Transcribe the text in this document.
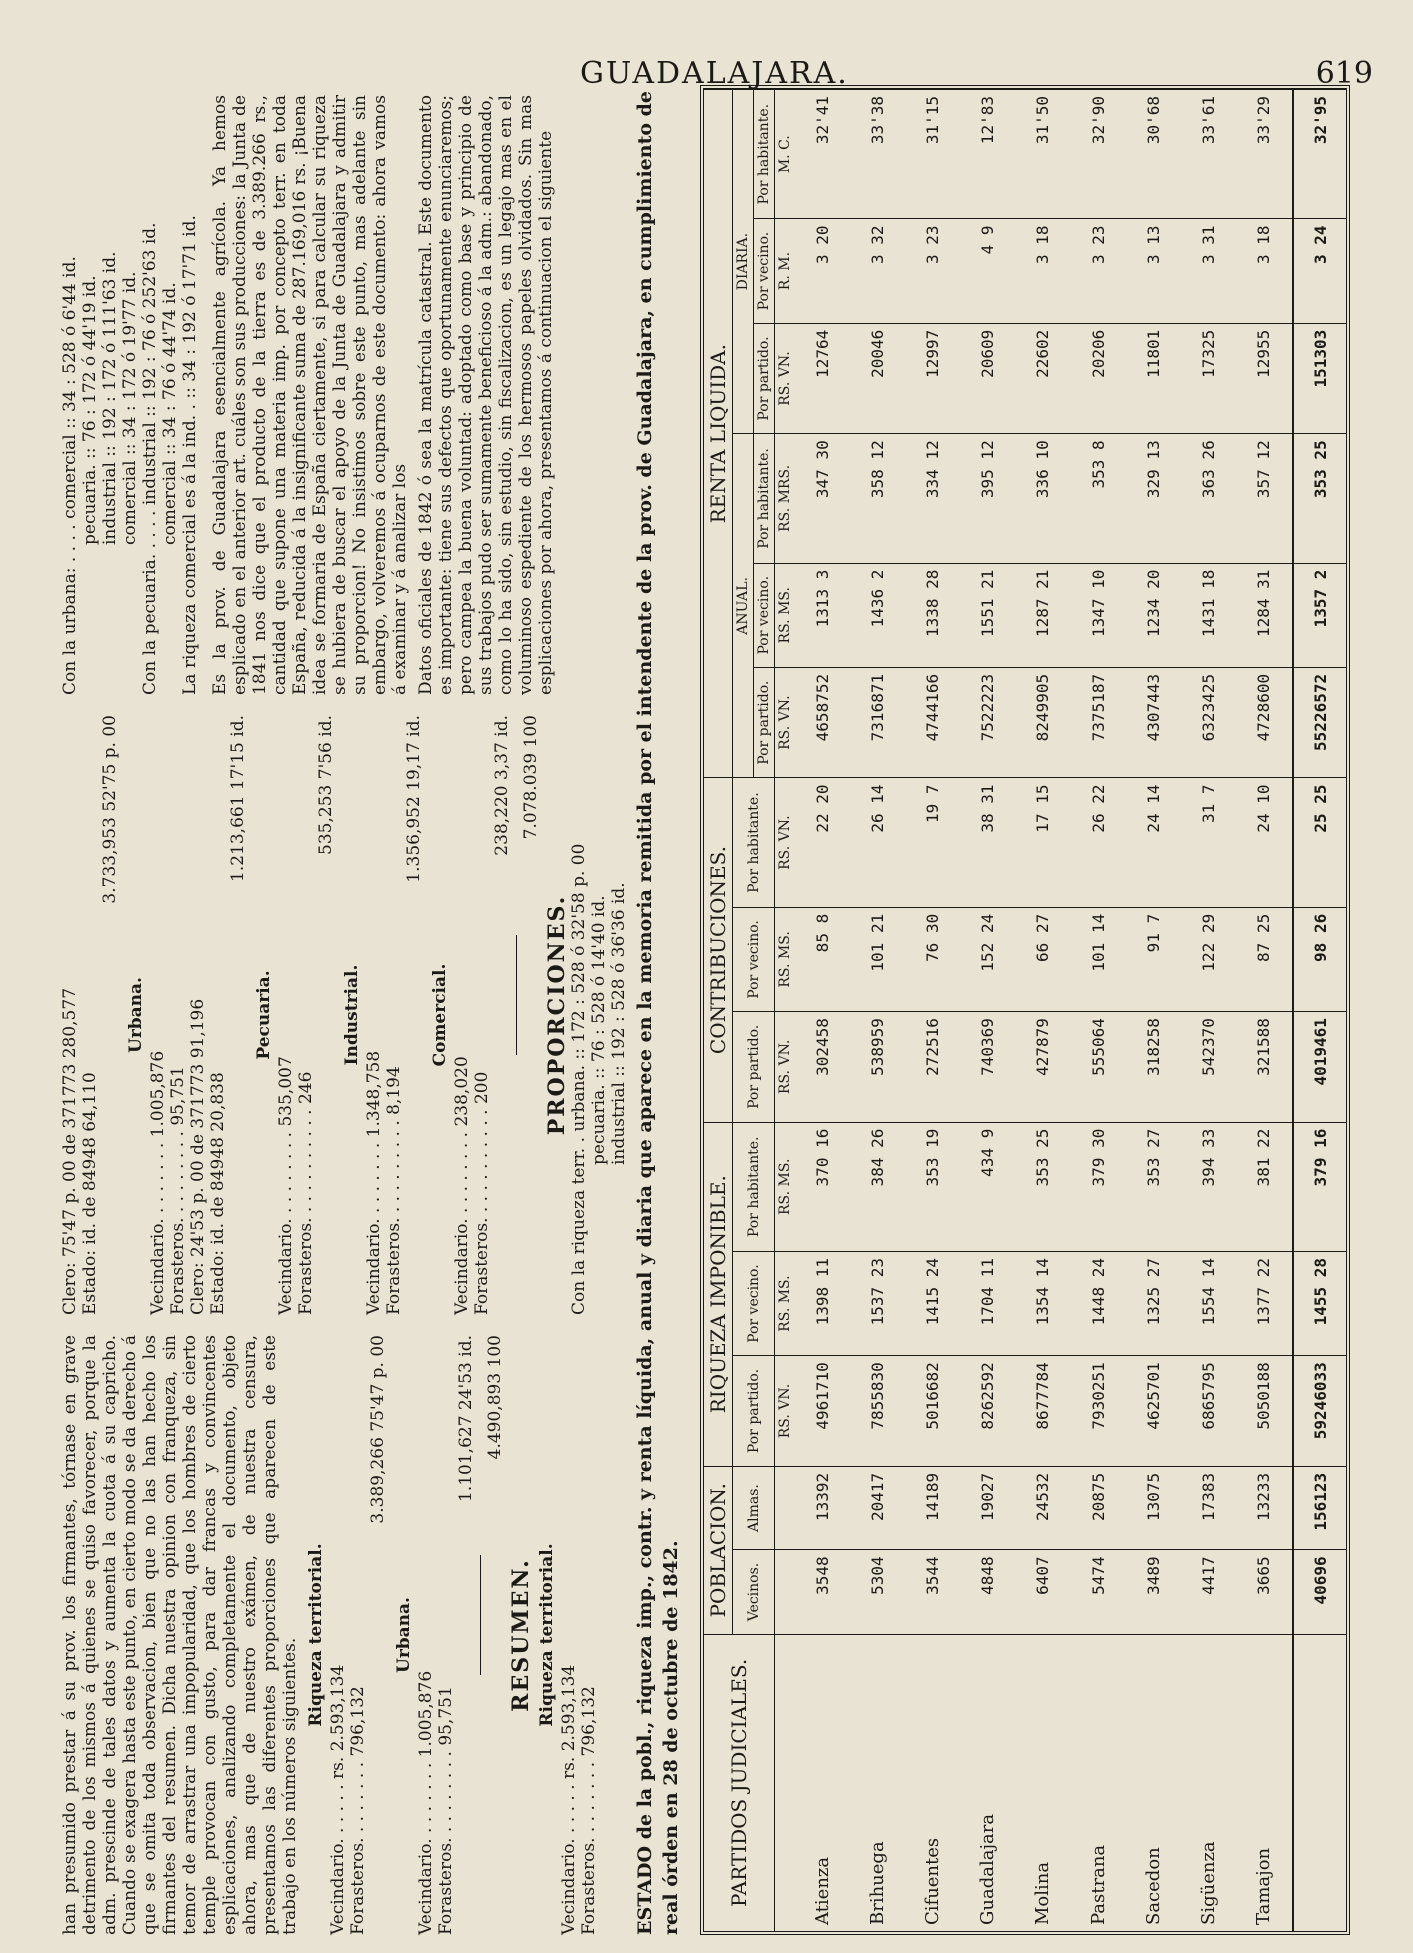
GUADALAJARA.	619

han presumido prestar á su prov. los firmantes, tórnase en grave detrimento de los mismos á quienes se quiso favorecer, porque la adm. prescinde de tales datos y aumenta la cuota á su capricho. Cuando se exagera hasta este punto, en cierto modo se da derecho á que se omita toda observacion, bien que no las han hecho los firmantes del resumen. Dicha nuestra opinion con franqueza, sin temor de arrastrar una impopularidad, que los hombres de cierto temple provocan con gusto, para dar francas y convincentes esplicaciones, analizando completamente el documento, objeto ahora, mas que de nuestro exámen, de nuestra censura, presentamos las diferentes proporciones que aparecen de este trabajo en los números siguientes.

Riqueza territorial.
Vecindario. . . . . . rs. 2.593,134 Forasteros. . . . . . . . 796,132
3.389,266 75'47 p. 00
Urbana.
Vecindario. . . . . . . . 1.005,876 Forasteros. . . . . . . . . 95,751
1.101,627 24'53 id. 4.490,893 100
RESUMEN. Riqueza territorial.
Vecindario. . . . . . rs. 2.593,134 Forasteros. . . . . . . . 796,132
Clero: 75'47 p. 00 de 371773 280,577 Estado: id. de 84948 64,110
3.733,953 52'75 p. 00
Urbana.
Vecindario. . . . . . . . 1.005,876 Forasteros. . . . . . . . . 95,751 Clero: 24'53 p. 00 de 371773 91,196 Estado: id. de 84948 20,838
1.213,661 17'15 id.
Pecuaria.
Vecindario. . . . . . . . . 535,007 Forasteros. . . . . . . . . . . 246
535,253 7'56 id.
Industrial.
Vecindario. . . . . . . . 1.348,758 Forasteros. . . . . . . . . . 8,194
1.356,952 19,17 id.
Comercial.
Vecindario. . . . . . . . . 238,020 Forasteros. . . . . . . . . . . 200
238,220 3,37 id. 7.078.039 100
PROPORCIONES. Con la riqueza terr. . urbana. :: 172 : 528 ó 32'58 p. 00 pecuaria. :: 76 : 528 ó 14'40 id. industrial :: 192 : 528 ó 36'36 id.
Con la urbana: . . . . comercial :: 34 : 528 ó 6'44 id. pecuaria. :: 76 : 172 ó 44'19 id. industrial :: 192 : 172 ó 111'63 id. comercial :: 34 : 172 ó 19'77 id. Con la pecuaria. . . . . industrial :: 192 : 76 ó 252'63 id. comercial :: 34 : 76 ó 44'74 id. La riqueza comercial es á la ind. . :: 34 : 192 ó 17'71 id. Es la prov. de Guadalajara esencialmente agrícola. Ya hemos esplicado en el anterior art. cuáles son sus producciones: la Junta de 1841 nos dice que el producto de la tierra es de 3.389.266 rs., cantidad que supone una materia imp. por concepto terr. en toda España, reducida á la insignificante suma de 287.169,016 rs. ¡Buena idea se formaria de España ciertamente, si para calcular su riqueza se hubiera de buscar el apoyo de la Junta de Guadalajara y admitir su proporcion! No insistimos sobre este punto, mas adelante sin embargo, volveremos á ocuparnos de este documento: ahora vamos á examinar y á analizar los Datos oficiales de 1842 ó sea la matrícula catastral. Este documento es importante: tiene sus defectos que oportunamente enunciaremos; pero campea la buena voluntad: adoptado como base y principio de sus trabajos pudo ser sumamente beneficioso á la adm.: abandonado, como lo ha sido, sin estudio, sin fiscalizacion, es un legajo mas en el voluminoso espediente de los hermosos papeles olvidados. Sin mas esplicaciones por ahora, presentamos á continuacion el siguiente

ESTADO de la pobl., riqueza imp., contr. y renta líquida, anual y diaria que aparece en la memoria remitida por el intendente de la prov. de Guadalajara, en cumplimiento de real órden en 28 de octubre de 1842.	PARTIDOS JUDICIALES.	POBLACION.		RIQUEZA IMPONIBLE.			CONTRIBUCIONES.			RENTA LIQUIDA.					
	Vecinos.	Almas.	Por partido.	Por vecino.	Por habitante.	Por partido.	Por vecino.	Por habitante.	ANUAL.			DIARIA.		
									Por partido.	Por vecino.	Por habitante.	Por partido.	Por vecino.	Por habitante.
			RS. VN.	RS. MS.	RS. MS.	RS. VN.	RS. MS.	RS. VN.	RS. VN.	RS. MS.	RS. MRS.	RS. VN.	R. M.	M. C.
Atienza	3548	13392	4961710	1398 11	370 16	302458	85 8	22 20	4658752	1313 3	347 30	12764	3 20	32'41
Brihuega	5304	20417	7855830	1537 23	384 26	538959	101 21	26 14	7316871	1436 2	358 12	20046	3 32	33'38
Cifuentes	3544	14189	5016682	1415 24	353 19	272516	76 30	19 7	4744166	1338 28	334 12	12997	3 23	31'15
Guadalajara	4848	19027	8262592	1704 11	434 9	740369	152 24	38 31	7522223	1551 21	395 12	20609	4 9	12'83
Molina	6407	24532	8677784	1354 14	353 25	427879	66 27	17 15	8249905	1287 21	336 10	22602	3 18	31'50
Pastrana	5474	20875	7930251	1448 24	379 30	555064	101 14	26 22	7375187	1347 10	353 8	20206	3 23	32'90
Sacedon	3489	13075	4625701	1325 27	353 27	318258	91 7	24 14	4307443	1234 20	329 13	11801	3 13	30'68
Sigüenza	4417	17383	6865795	1554 14	394 33	542370	122 29	31 7	6323425	1431 18	363 26	17325	3 31	33'61
Tamajon	3665	13233	5050188	1377 22	381 22	321588	87 25	24 10	4728600	1284 31	357 12	12955	3 18	33'29
	40696	156123	59246033	1455 28	379 16	4019461	98 26	25 25	55226572	1357 2	353 25	151303	3 24	32'95
